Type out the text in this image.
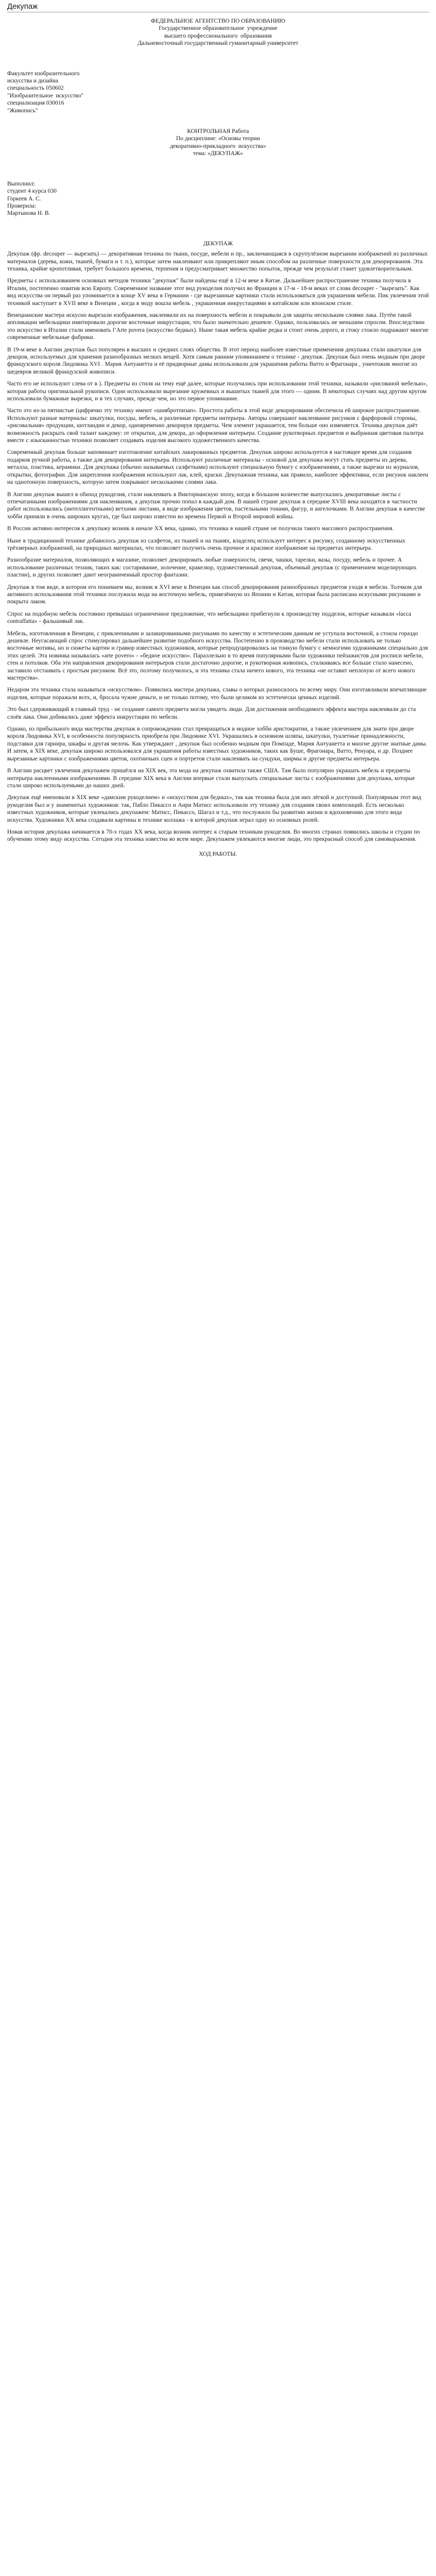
Декупаж
ФЕДЕРАЛЬНОЕ АГЕНТСТВО ПО ОБРАЗОВАНИЮ
Государственное образовательное  учреждение
высшего профессионального  образования
Дальневосточный государственный гуманитарный университет
Факультет изобразительного
искусства и дизайна
специальность 050602
"Изобразительное  искусство"
специализация 030016
"Живопись"
КОНТРОЛЬНАЯ Работа
По дисциплине: «Основы теории
декоративно-прикладного  искусства»
тема: «ДЕКУПАЖ»
Выполнил:
студент 4 курса 030
Горкеев А. С.
Проверила:
Мартынова Н. В.
ДЕКУПАЖ

Декупаж (фр. decouper — вырезать) — декоративная техника по ткани, посуде, мебели и пр., заключающаяся в скрупулёзном вырезании изображений из различных материалов (дерева, кожи, тканей, бумаги и т. п.), которые затем наклеивают или прикрепляют иным способом на различные поверхности для декорирования. Эта техника, крайне кропотливая, требует большого времени, терпения и предусматривает множество попыток, прежде чем результат станет удовлетворительным.

Предметы с использованием основных методов техники "декупаж" были найдены ещё в 12-м веке в Китае. Дальнейшее распространение техника получила в Италии, постепенно охватив всю Европу. Современное название этот вид рукоделия получил во Франции в 17-м - 18-м веках от слова decouper - "вырезать". Как вид искусства он первый раз упоминается в конце XV века в Германии - где вырезанные картинки стали использоваться для украшения мебели. Пик увлечения этой техникой наступает в XVII веке в Венеции , когда в моду вошла мебель , украшенная инкрустациями в китайском или японском стиле.

Венецианские мастера искусно вырезали изображения, наклеивали их на поверхность мебели и покрывали для защиты нескольким слоями лака. Путём такой аппликации мебельщики имитировали дорогие восточные инкрустации, что было значительно дешевле. Однако, пользовалась не меньшим спросом. Впоследствии это искусство в Италии стали именовать l’Arte povera (искусство бедных). Ныне такая мебель крайне редка и стоит очень дорого, и стоку стоило подражают многие современные мебельные фабрики.

В 19-м веке в Англии декупаж был популярен в высших и средних слоях общества. В этот период наиболее известные применения декупажа стали шкатулки для декоров, используемых для хранения разнообразных мелких вещей. Хотя самым ранним упоминанием о технике - декупаж. Декупаж был очень модным при дворе французского короля Людовика XVI . Мария Антуанетта и её придворные дамы использовали для украшения работы Ватто и Фрагонара , уничтожив многие из шедевров великой французской живописи.

Часто его не используют слева от в ). Предметы из стиля на тему ещё далее, которые получались при использовании этой техники, называли «рисованой мебелью», которая работы оригинальной рукописи. Одни использовали вырезание кружевных и вышитых тканей для этого — одним. В некоторых случаях над другим кругом использовали бумажные вырезки, и в тех случаях, прежде чем, но это первое упоминание.

Часто это из-за пятнистые (цифрячко эту технику имеют «шиябротпизап». Простота работы в этой виде декорирования обеспечила ей широкое распространение. Используют разные материалы: шкатулки, посуды, мебель, и различные предметы интерьера. Авторы совершают наклеивание рисунков с фарфоровой стороны, «рисовальная» продукции, шотландии и декор, одновременно декорируя предметы. Чем элемент украшается, тем больше оно изменяется. Техника декупаж даёт возможность раскрыть свой талант каждому: от открытки, для декора, до оформления интерьера. Создание рукотворных предметов и выбранная цветовая палитра вместе с изысканностью техники позволяет создавать изделия высокого художественного качества.

Современный декупаж больше напоминает изготовление китайских лакированных предметов. Декупаж широко используется в настоящее время для создания подарков ручной работы, а также для декорирования интерьера. Используют различные материалы - основой для декупажа могут стать предметы из дерева, металла, пластика, керамики. Для декупажа (обычно называемых салфетками) используют специальную бумагу с изображениями, а также вырезки из журналов, открытки, фотографии. Для закрепления изображения используют лак, клей, краски. Декупажная техника, как правило, наиболее эффективна, если рисунок наклеен на однотонную поверхность, которую затем покрывают несколькими слоями лака.

В Англии декупаж вышел в обиход рукоделия, стали наклеивать в Викторианскую эпоху, когда в большом количестве выпускались декоративные листы с отпечатанными изображениями для наклеивания, а декупаж прочно попал в каждый дом. В нашей стране декупаж в середине XVIII века находятся в частности работ использовались (интеллигентными) ветхими листами, в виде изображения цветов, пастельными тонами, фигур, и ангелочками. В Англии декупаж в качестве хобби приняли в очень широких кругах, где был широко известен во времена Первой и Второй мировой войны.

В России активно интересов к декупажу возник в начале XX века, однако, эта техника в нашей стране не получила такого массового распространения.

Ныне в традиционной технике добавилось декупаж из салфеток, из тканей и на тканях, владелец использует интерес к рисунку, созданному искусственных трёхмерных изображений, на природных материалах, что позволяет получить очень прочное и красивое изображение на предметах интерьера.

Разнообразие материалов, позволяющих в магазине, позволяет декорировать любые поверхности, свечи, чашки, тарелки, вазы, посуду, мебель и прочее. А использование различных техник, таких как: состаривание, золочение, кракелюр, художественный декупаж, объемный декупаж (с применением моделирующих пластин), и других позволяет дают неограниченный простор фантазии.

Декупаж в том виде, в котором его понимаем мы, возник в XVI веке в Венеции как способ декорирования разнообразных предметов уходя в мебели. Толчком для активного использования этой техники послужила мода на восточную мебель, привезённую из Японии и Китая, которая была расписана искусными рисунками и покрыта лаком.

Спрос на подобную мебель постоянно превышал ограниченное предложение, что мебельщики прибегнули к производству подделок, которые называли «lacca contraffatta» - фальшивый лак.

Мебель, изготовленная в Венеции, с приклеенными и залакированными рисунками по качеству и эстетическим данным не уступала восточной, а стоила гораздо дешевле. Неугасающий спрос стимулировал дальнейшее развитие подобного искусства. Постепенно в производство мебели стали использовать не только восточные мотивы, но и сюжеты картин и гравюр известных художников, которые репродуцировались на тонкую бумагу с немногими художниками специально для этих целей. Эта новинка называлась «arte povero» - «бедное искусство». Параллельно в то время популярными были художники пейзажистов для росписи мебели, стен и потолков. Оба эти направления декорирования интерьеров стали достаточно дорогие, и рукотворная живопись, сталкиваясь все больше стало нанесено, заставило отстаивать с простым рисунком. Всё это, поэтому получилось, и эта техника стала ничего нового, эта техника «не оставит неплохую от всего нового мастерства».

Недаром эта техника стала называться «искусством». Появились мастера декупажа, славы о которых разносилось по всему миру. Они изготавливали впечатляющие изделия, которые поражали всех, и, бросала чужие деньги, и не только потому, что были целиком из эстетически ценных изделий.

Это был сдерживающий в главный труд - не создание самого предмета могли увидеть люди. Для достижения необходимого эффекта мастера наклеивали до ста слоёв лака. Они добивались даже эффекта инкрустации по мебели.

Однако, из прибыльного вида мастерства декупаж в сопровождении стал превращаться в модное хобби аристократии, а также увлечением для знати при дворе короля Людовика XVI, в особенности популярность приобрела при Людовике XVI. Украшались в основном шляпы, шкатулки, туалетные принадлежности, подставки для гарнира, шкафы и другая мелочь. Как утверждают , декупаж был особенно модным при Помпаде, Мария Антуанетта и многие другие знатные дамы. И затем, в XIX веке, декупаж широко использовался для украшения работы известных художников, таких как Буше, Фрагонара, Ватто, Ренуара, и др. Позднее вырезанные картинки с изображениями цветов, охотничьих сцен и портретов стали наклеивать на сундуки, ширмы и другие предметы интерьера.

В Англии расцвет увлечения декупажем пришёлся на XIX век, эта мода на декупаж охватила также США. Там было популярно украшать мебель и предметы интерьера наклеенными изображениями. В середине XIX века в Англии впервые стали выпускать специальные листы с изображениями для декупажа, которые стали широко используемыми до наших дней.

Декупаж ещё именовали в XIX веке «дамским рукоделием» и «искусством для бедных», так как техника была для них лёгкой и доступной. Популярным этот вид рукоделия был и у знаменитых художников: так, Пабло Пикассо и Анри Матисс использовали эту технику для создания своих композиций. Есть несколько известных художников, которые увлекались декупажем: Матисс, Пикассо, Шагал и т.д., что послужило бы развитию жизни и вдохновению для этого вида искусства. Художники XX века создавали картины в технике коллажа - в которой декупаж играл одну из основных ролей.

Новая история декупажа начинается в 70-х годах XX века, когда возник интерес к старым техникам рукоделия. Во многих странах появились школы и студии по обучению этому виду искусства. Сегодня эта техника известна во всем мире. Декупажем увлекаются многие люди, это прекрасный способ для самовыражения.

ХОД РАБОТЫ.
